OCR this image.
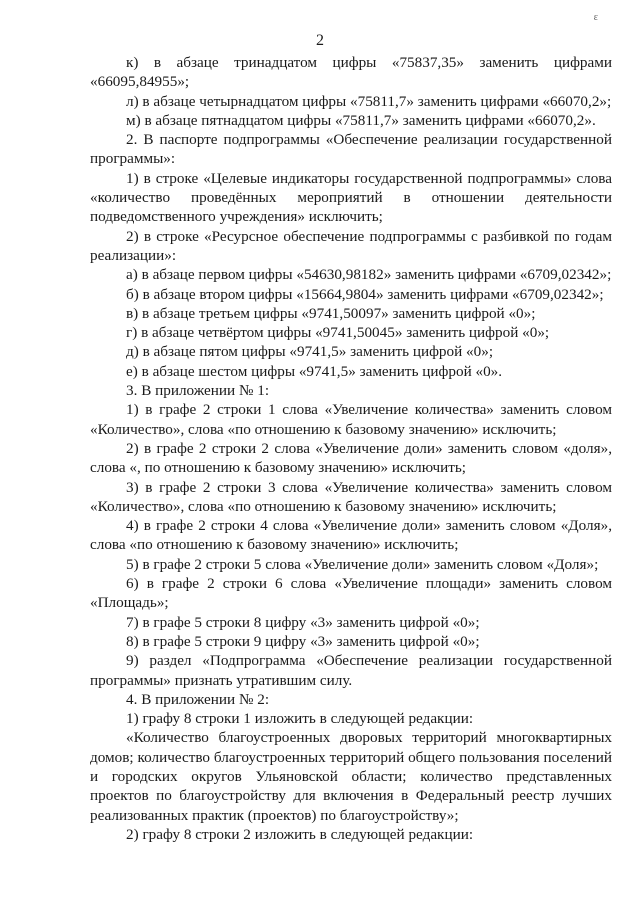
ε
2

к) в абзаце тринадцатом цифры «75837,35» заменить цифрами «66095,84955»;

л) в абзаце четырнадцатом цифры «75811,7» заменить цифрами «66070,2»;

м) в абзаце пятнадцатом цифры «75811,7» заменить цифрами «66070,2».

2. В паспорте подпрограммы «Обеспечение реализации государственной программы»:

1) в строке «Целевые индикаторы государственной подпрограммы» слова «количество проведённых мероприятий в отношении деятельности подведомственного учреждения» исключить;

2) в строке «Ресурсное обеспечение подпрограммы с разбивкой по годам реализации»:

а) в абзаце первом цифры «54630,98182» заменить цифрами «6709,02342»;

б) в абзаце втором цифры «15664,9804» заменить цифрами «6709,02342»;

в) в абзаце третьем цифры «9741,50097» заменить цифрой «0»;

г) в абзаце четвёртом цифры «9741,50045» заменить цифрой «0»;

д) в абзаце пятом цифры «9741,5» заменить цифрой «0»;

е) в абзаце шестом цифры «9741,5» заменить цифрой «0».

3. В приложении № 1:

1) в графе 2 строки 1 слова «Увеличение количества» заменить словом «Количество», слова «по отношению к базовому значению» исключить;

2) в графе 2 строки 2 слова «Увеличение доли» заменить словом «доля», слова «, по отношению к базовому значению» исключить;

3) в графе 2 строки 3 слова «Увеличение количества» заменить словом «Количество», слова «по отношению к базовому значению» исключить;

4) в графе 2 строки 4 слова «Увеличение доли» заменить словом «Доля», слова «по отношению к базовому значению» исключить;

5) в графе 2 строки 5 слова «Увеличение доли» заменить словом «Доля»;

6) в графе 2 строки 6 слова «Увеличение площади» заменить словом «Площадь»;

7) в графе 5 строки 8 цифру «3» заменить цифрой «0»;

8) в графе 5 строки 9 цифру «3» заменить цифрой «0»;

9) раздел «Подпрограмма «Обеспечение реализации государственной программы» признать утратившим силу.

4. В приложении № 2:

1) графу 8 строки 1 изложить в следующей редакции:

«Количество благоустроенных дворовых территорий многоквартирных домов; количество благоустроенных территорий общего пользования поселений и городских округов Ульяновской области; количество представленных проектов по благоустройству для включения в Федеральный реестр лучших реализованных практик (проектов) по благоустройству»;

2) графу 8 строки 2 изложить в следующей редакции:
